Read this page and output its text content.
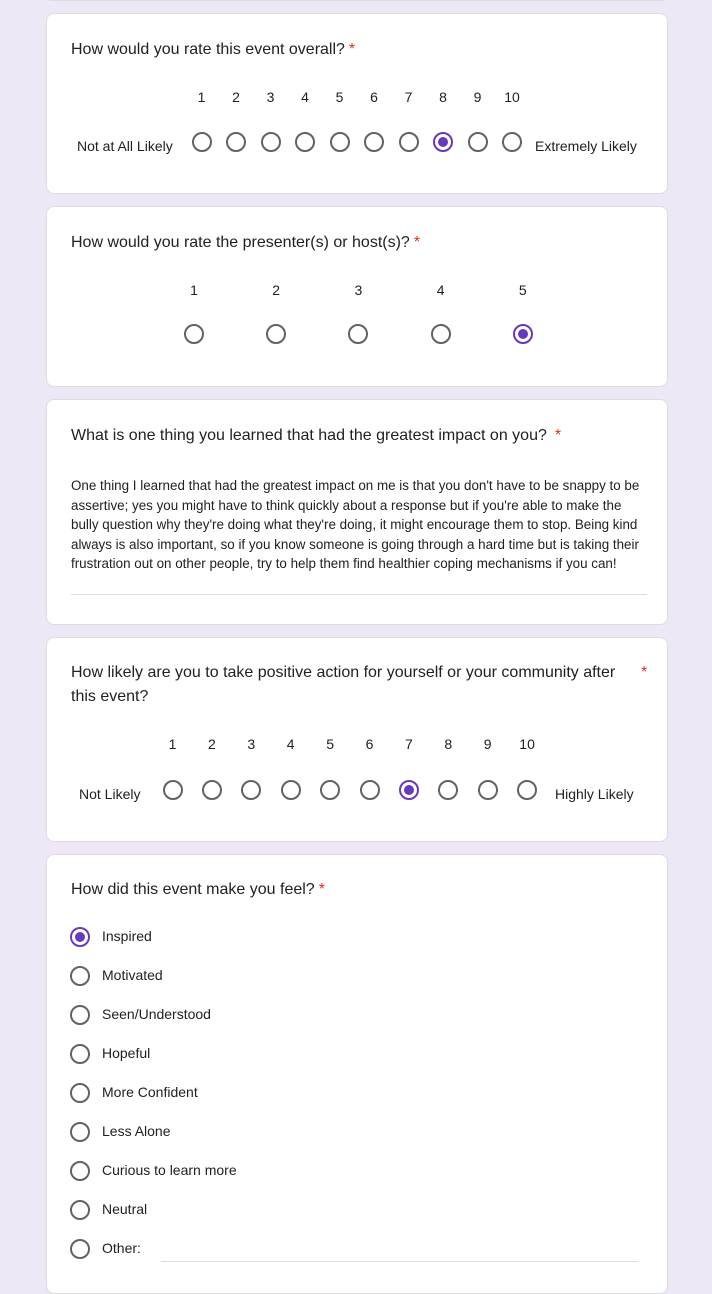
How would you rate this event overall? *
Not at All Likely	Extremely Likely
1	2	3	4	5	6	7	8	9	10
How would you rate the presenter(s) or host(s)? *
1	2	3	4	5
What is one thing you learned that had the greatest impact on you? *
One thing I learned that had the greatest impact on me is that you don't have to be snappy to be assertive; yes you might have to think quickly about a response but if you're able to make the bully question why they're doing what they're doing, it might encourage them to stop. Being kind always is also important, so if you know someone is going through a hard time but is taking their frustration out on other people, try to help them find healthier coping mechanisms if you can!
How likely are you to take positive action for yourself or your community after this event?
*
Not Likely	Highly Likely
1	2	3	4	5	6	7	8	9	10
How did this event make you feel? *
Inspired
Motivated
Seen/Understood
Hopeful
More Confident
Less Alone
Curious to learn more
Neutral
Other:
